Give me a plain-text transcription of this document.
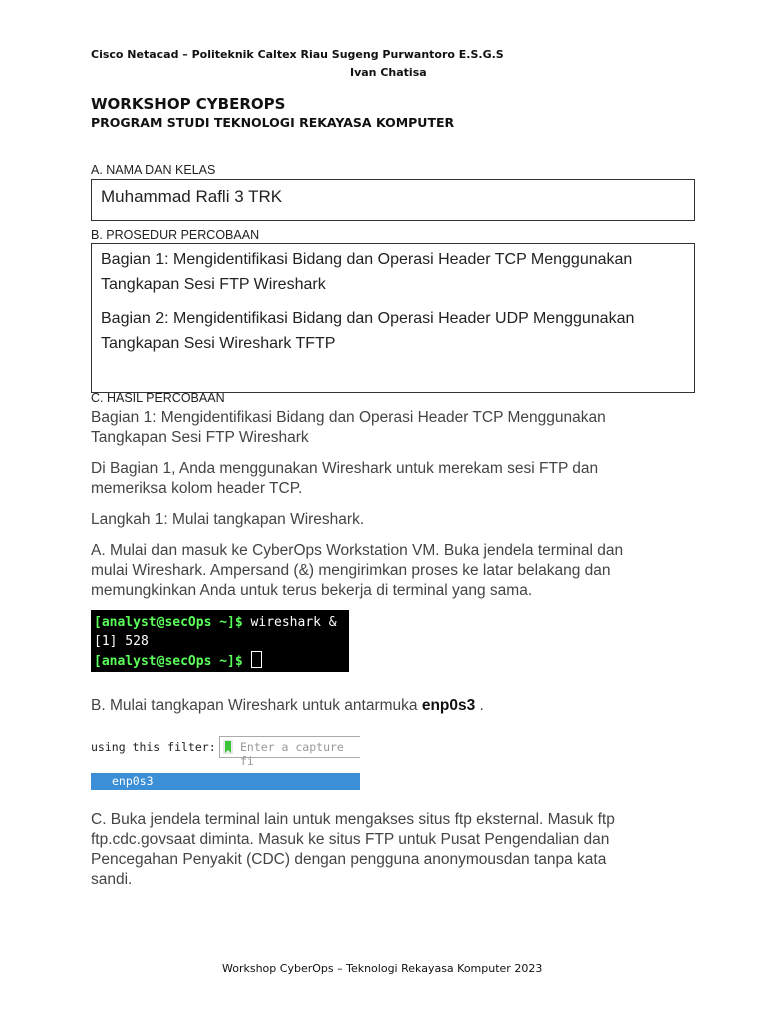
Cisco Netacad – Politeknik Caltex Riau Sugeng Purwantoro E.S.G.S
Ivan Chatisa
WORKSHOP CYBEROPS
PROGRAM STUDI TEKNOLOGI REKAYASA KOMPUTER
A. NAMA DAN KELAS
Muhammad Rafli 3 TRK
B. PROSEDUR PERCOBAAN
Bagian 1: Mengidentifikasi Bidang dan Operasi Header TCP Menggunakan
Tangkapan Sesi FTP Wireshark
Bagian 2: Mengidentifikasi Bidang dan Operasi Header UDP Menggunakan
Tangkapan Sesi Wireshark TFTP
C. HASIL PERCOBAAN
Bagian 1: Mengidentifikasi Bidang dan Operasi Header TCP Menggunakan
Tangkapan Sesi FTP Wireshark
Di Bagian 1, Anda menggunakan Wireshark untuk merekam sesi FTP dan
memeriksa kolom header TCP.
Langkah 1: Mulai tangkapan Wireshark.
A. Mulai dan masuk ke CyberOps Workstation VM. Buka jendela terminal dan
mulai Wireshark. Ampersand (&) mengirimkan proses ke latar belakang dan
memungkinkan Anda untuk terus bekerja di terminal yang sama.
[analyst@secOps ~]$ wireshark &
[1] 528
[analyst@secOps ~]$
B. Mulai tangkapan Wireshark untuk antarmuka enp0s3 .
using this filter: Enter a capture fi
enp0s3

C. Buka jendela terminal lain untuk mengakses situs ftp eksternal. Masuk ftp
ftp.cdc.govsaat diminta. Masuk ke situs FTP untuk Pusat Pengendalian dan
Pencegahan Penyakit (CDC) dengan pengguna anonymousdan tanpa kata
sandi.
Workshop CyberOps – Teknologi Rekayasa Komputer 2023
